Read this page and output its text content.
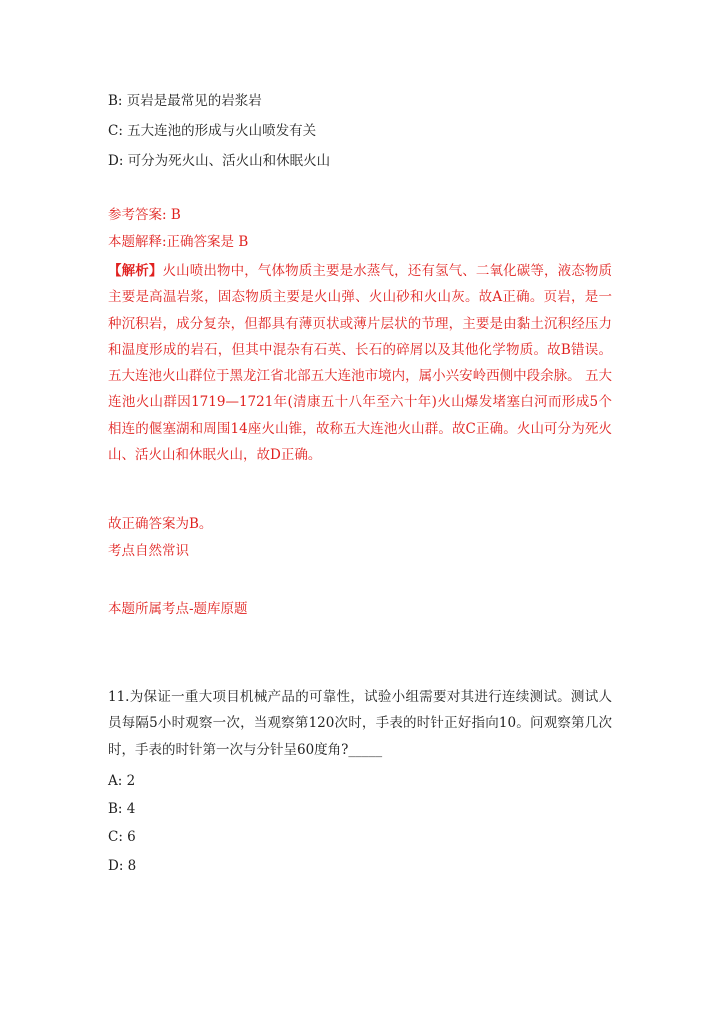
B: 页岩是最常见的岩浆岩
C: 五大连池的形成与火山喷发有关
D: 可分为死火山、活火山和休眠火山
参考答案: B
本题解释:正确答案是 B
【解析】火山喷出物中，气体物质主要是水蒸气，还有氢气、二氧化碳等，液态物质主要是高温岩浆，固态物质主要是火山弹、火山砂和火山灰。故A正确。页岩，是一种沉积岩，成分复杂，但都具有薄页状或薄片层状的节理，主要是由黏土沉积经压力和温度形成的岩石，但其中混杂有石英、长石的碎屑以及其他化学物质。故B错误。五大连池火山群位于黑龙江省北部五大连池市境内，属小兴安岭西侧中段余脉。 五大连池火山群因1719—1721年(清康五十八年至六十年)火山爆发堵塞白河而形成5个相连的偃塞湖和周围14座火山锥，故称五大连池火山群。故C正确。火山可分为死火山、活火山和休眠火山，故D正确。
故正确答案为B。
考点自然常识
本题所属考点-题库原题
11.为保证一重大项目机械产品的可靠性，试验小组需要对其进行连续测试。测试人员每隔5小时观察一次，当观察第120次时，手表的时针正好指向10。问观察第几次时，手表的时针第一次与分针呈60度角?_____
A: 2
B: 4
C: 6
D: 8
